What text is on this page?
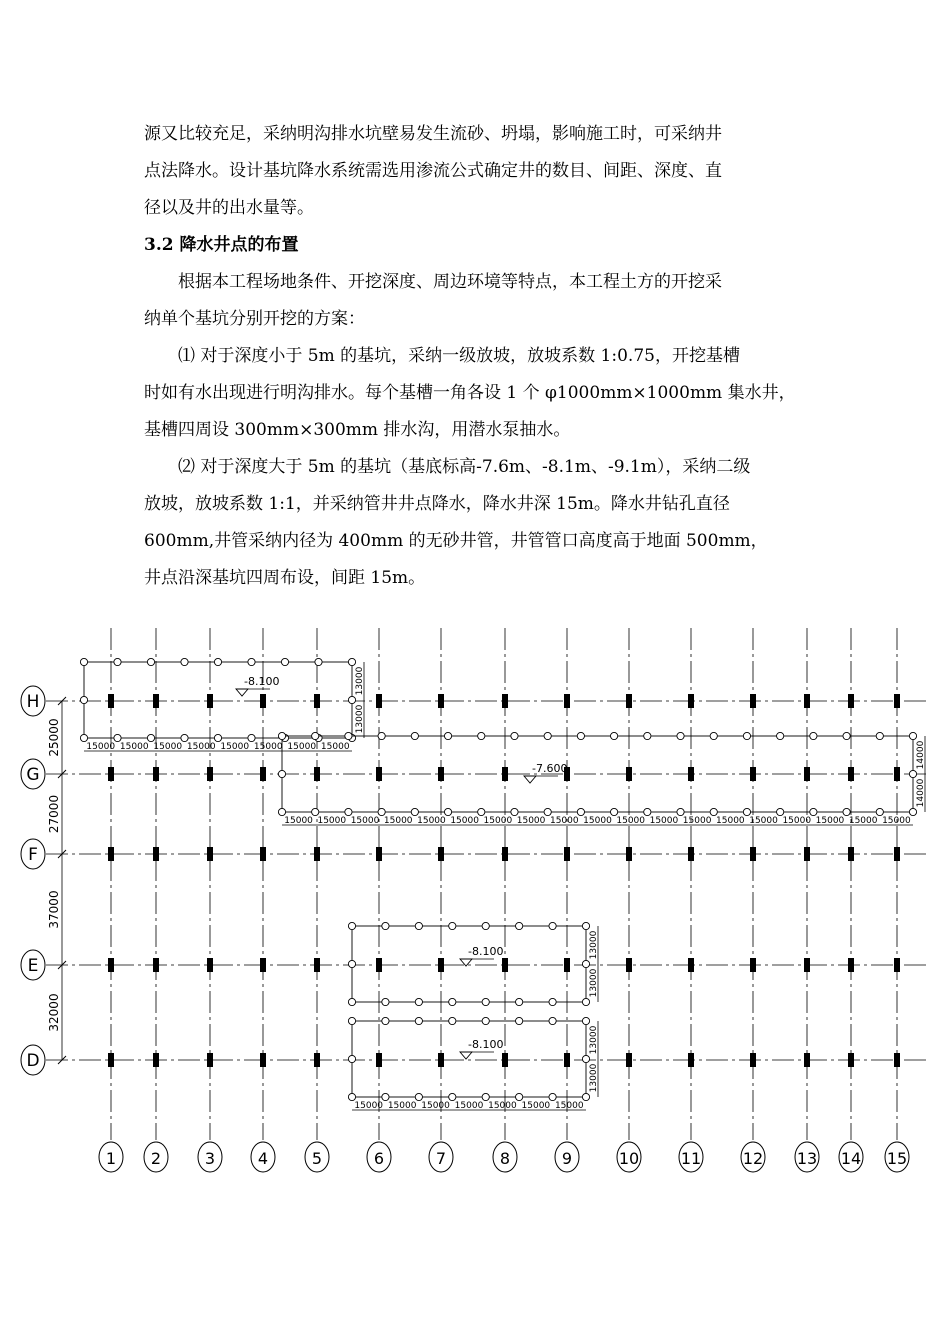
源又比较充足，采纳明沟排水坑壁易发生流砂、坍塌，影响施工时，可采纳井
点法降水。设计基坑降水系统需选用渗流公式确定井的数目、间距、深度、直
径以及井的出水量等。
3.2 降水井点的布置
根据本工程场地条件、开挖深度、周边环境等特点，本工程土方的开挖采
纳单个基坑分别开挖的方案：
⑴ 对于深度小于 5m 的基坑，采纳一级放坡，放坡系数 1:0.75，开挖基槽
时如有水出现进行明沟排水。每个基槽一角各设 1 个 φ1000mm×1000mm 集水井，
基槽四周设 300mm×300mm 排水沟，用潜水泵抽水。
⑵ 对于深度大于 5m 的基坑（基底标高-7.6m、-8.1m、-9.1m），采纳二级
放坡，放坡系数 1:1，并采纳管井井点降水，降水井深 15m。降水井钻孔直径
600mm,井管采纳内径为 400mm 的无砂井管，井管管口高度高于地面 500mm，
井点沿深基坑四周布设，间距 15m。
H
G
F
E
D
1 2	3	4	5	6	7	8	9	10	11	12 13 14 15
25000
27000
37000
32000
15000 15000 15000 15000 15000 15000 15000 15000
13000
13000
-8.100
15000 15000 15000 15000 15000 15000 15000 15000 15000 15000 15000 15000 15000 15000 15000 15000 15000 15000 15000
14000
14000
-7.600
13000
13000
-8.100
15000 15000 15000 15000 15000 15000 15000
13000
13000
-8.100
